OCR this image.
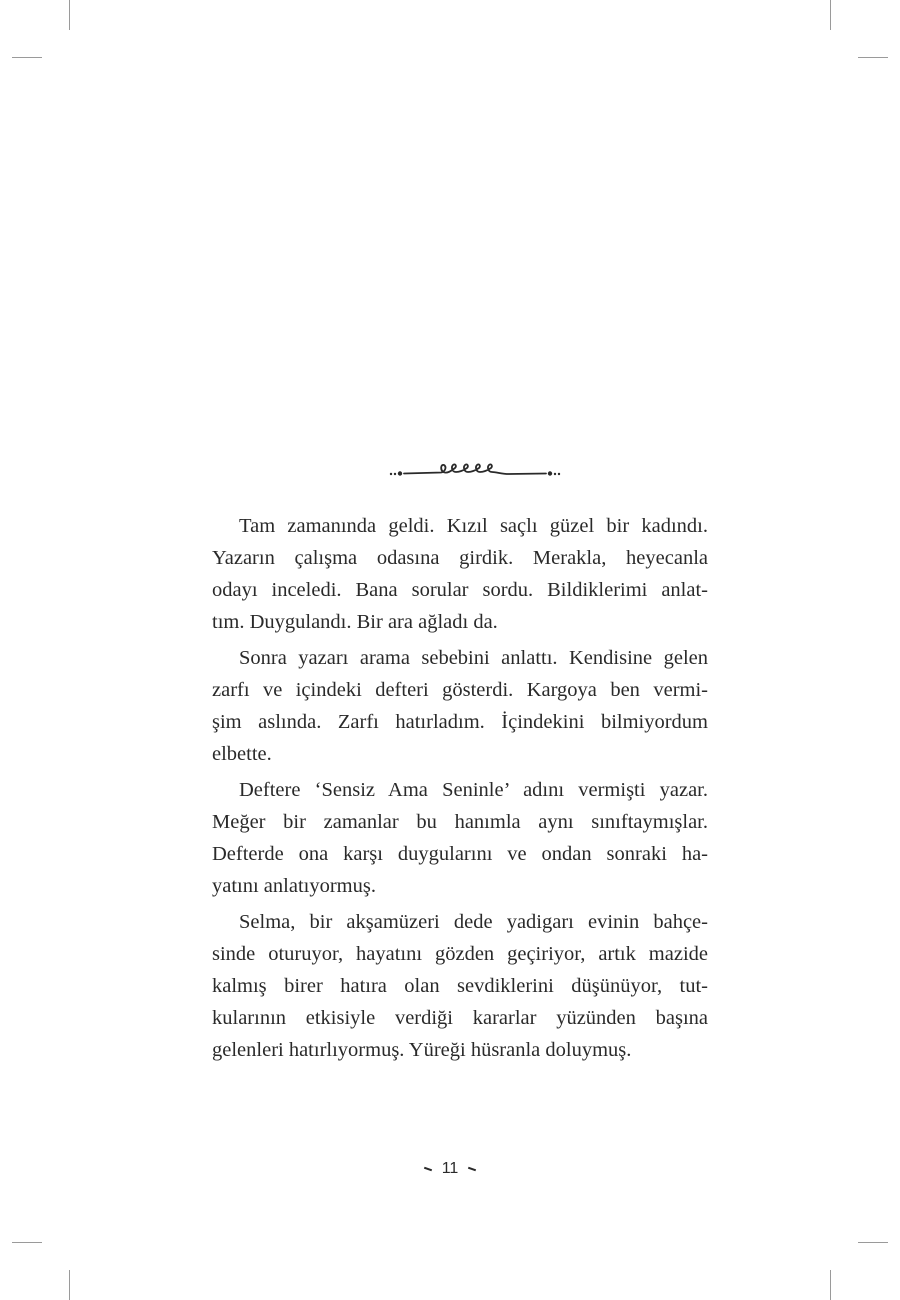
Tam zamanında geldi. Kızıl saçlı güzel bir kadındı.
Yazarın çalışma odasına girdik. Merakla, heyecanla
odayı inceledi. Bana sorular sordu. Bildiklerimi anlat-
tım. Duygulandı. Bir ara ağladı da.

Sonra yazarı arama sebebini anlattı. Kendisine gelen
zarfı ve içindeki defteri gösterdi. Kargoya ben vermi-
şim aslında. Zarfı hatırladım. İçindekini bilmiyordum
elbette.

Deftere ‘Sensiz Ama Seninle’ adını vermişti yazar.
Meğer bir zamanlar bu hanımla aynı sınıftaymışlar.
Defterde ona karşı duygularını ve ondan sonraki ha-
yatını anlatıyormuş.

Selma, bir akşamüzeri dede yadigarı evinin bahçe-
sinde oturuyor, hayatını gözden geçiriyor, artık mazide
kalmış birer hatıra olan sevdiklerini düşünüyor, tut-
kularının etkisiyle verdiği kararlar yüzünden başına
gelenleri hatırlıyormuş. Yüreği hüsranla doluymuş.

11
